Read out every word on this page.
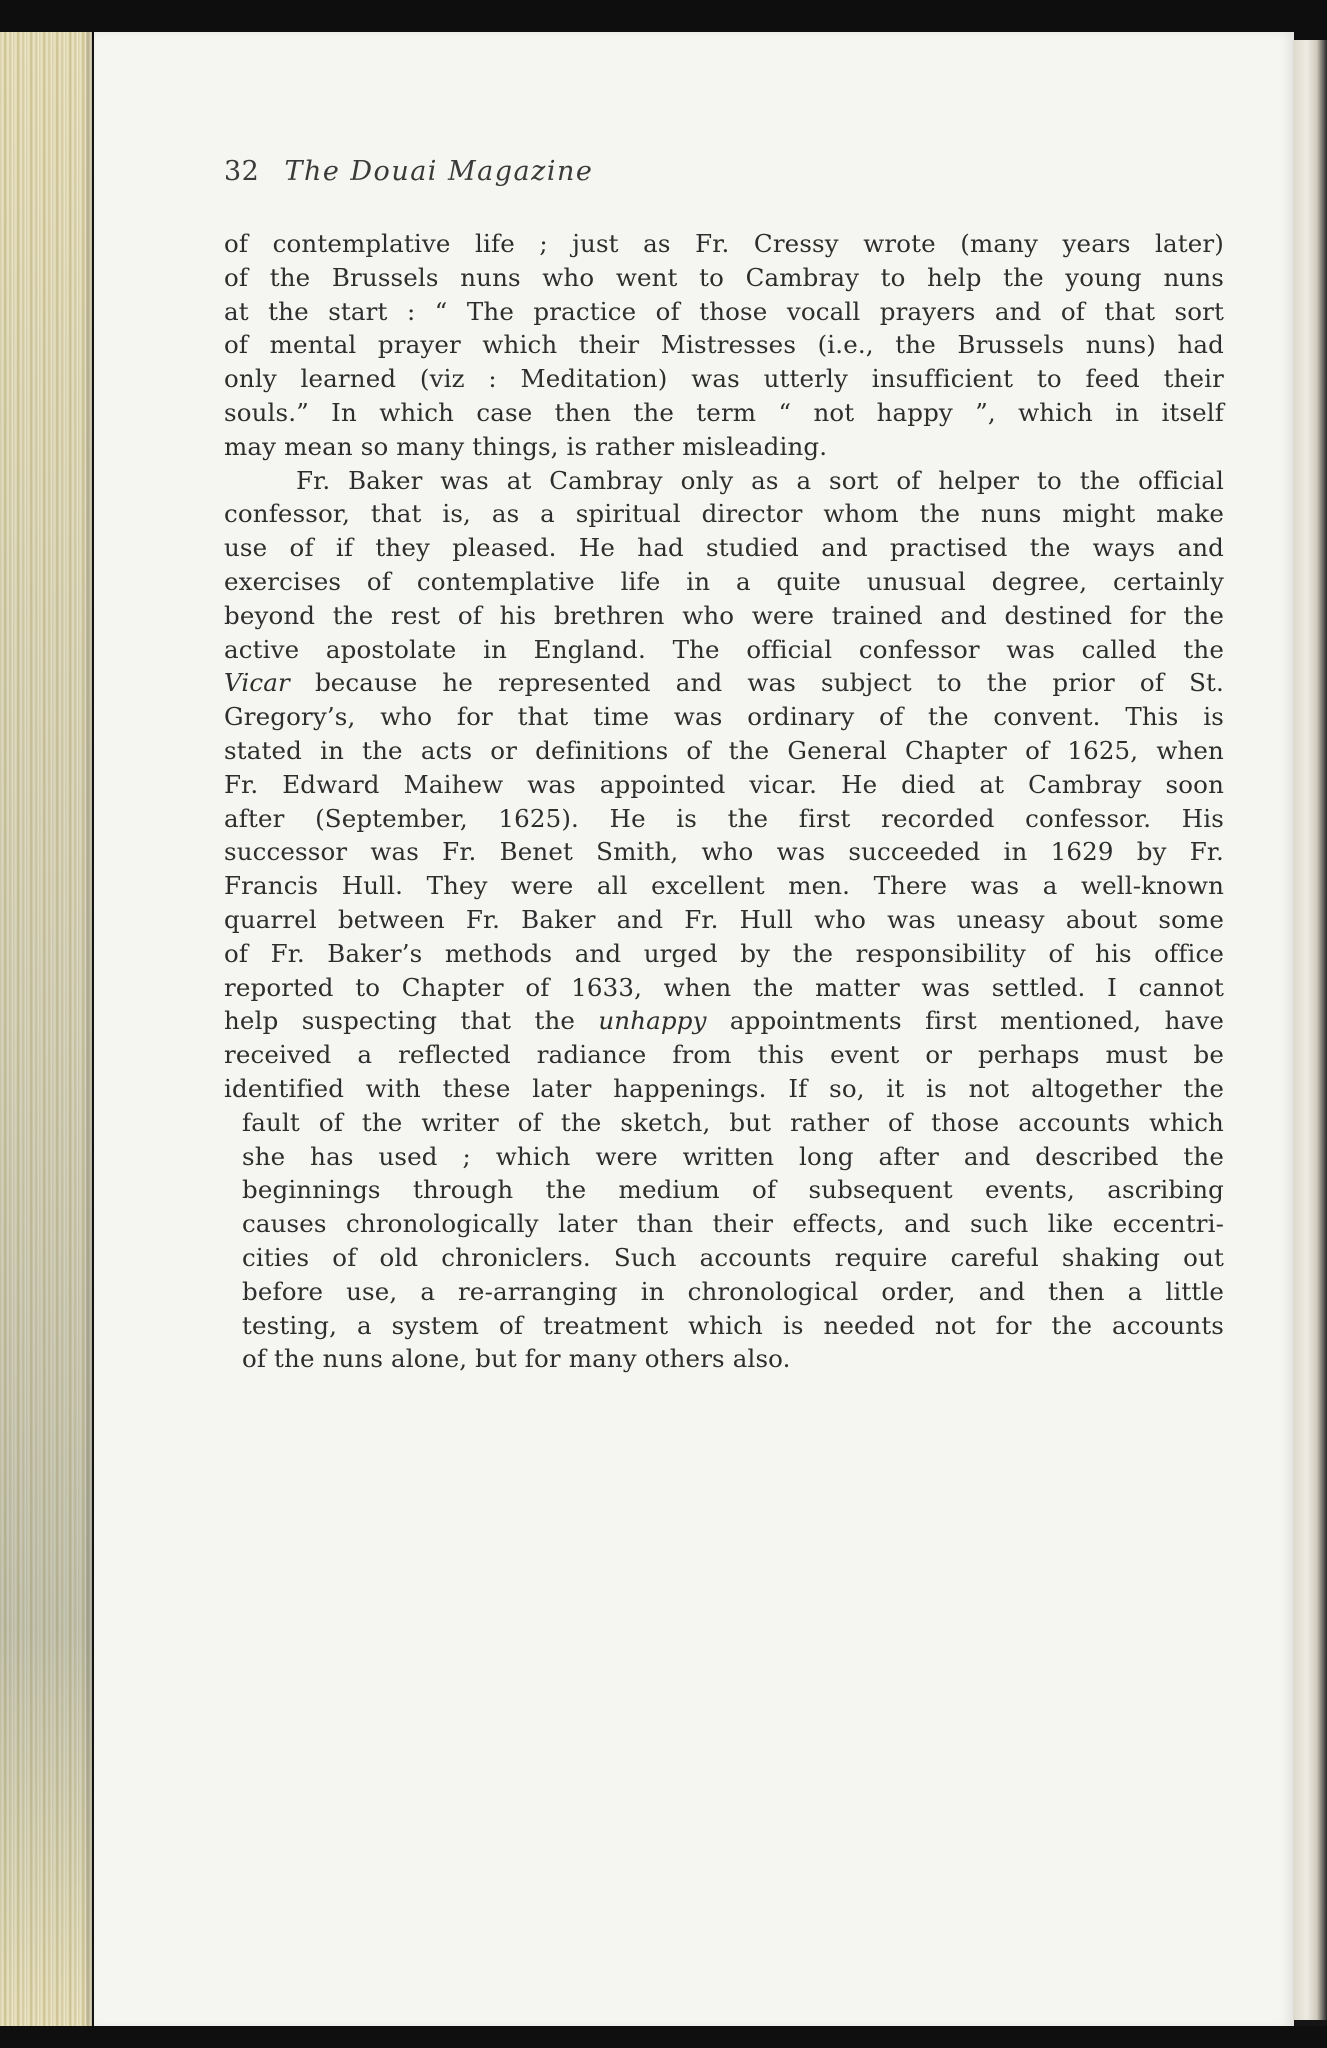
32 The Douai Magazine
of contemplative life ; just as Fr. Cressy wrote (many years later)
of the Brussels nuns who went to Cambray to help the young nuns
at the start : “ The practice of those vocall prayers and of that sort
of mental prayer which their Mistresses (i.e., the Brussels nuns) had
only learned (viz : Meditation) was utterly insufficient to feed their
souls.” In which case then the term “ not happy ”, which in itself
may mean so many things, is rather misleading.
Fr. Baker was at Cambray only as a sort of helper to the official
confessor, that is, as a spiritual director whom the nuns might make
use of if they pleased. He had studied and practised the ways and
exercises of contemplative life in a quite unusual degree, certainly
beyond the rest of his brethren who were trained and destined for the
active apostolate in England. The official confessor was called the
Vicar because he represented and was subject to the prior of St.
Gregory’s, who for that time was ordinary of the convent. This is
stated in the acts or definitions of the General Chapter of 1625, when
Fr. Edward Maihew was appointed vicar. He died at Cambray soon
after (September, 1625). He is the first recorded confessor. His
successor was Fr. Benet Smith, who was succeeded in 1629 by Fr.
Francis Hull. They were all excellent men. There was a well-known
quarrel between Fr. Baker and Fr. Hull who was uneasy about some
of Fr. Baker’s methods and urged by the responsibility of his office
reported to Chapter of 1633, when the matter was settled. I cannot
help suspecting that the unhappy appointments first mentioned, have
received a reflected radiance from this event or perhaps must be
identified with these later happenings. If so, it is not altogether the
fault of the writer of the sketch, but rather of those accounts which
she has used ; which were written long after and described the
beginnings through the medium of subsequent events, ascribing
causes chronologically later than their effects, and such like eccentri-
cities of old chroniclers. Such accounts require careful shaking out
before use, a re-arranging in chronological order, and then a little
testing, a system of treatment which is needed not for the accounts
of the nuns alone, but for many others also.
